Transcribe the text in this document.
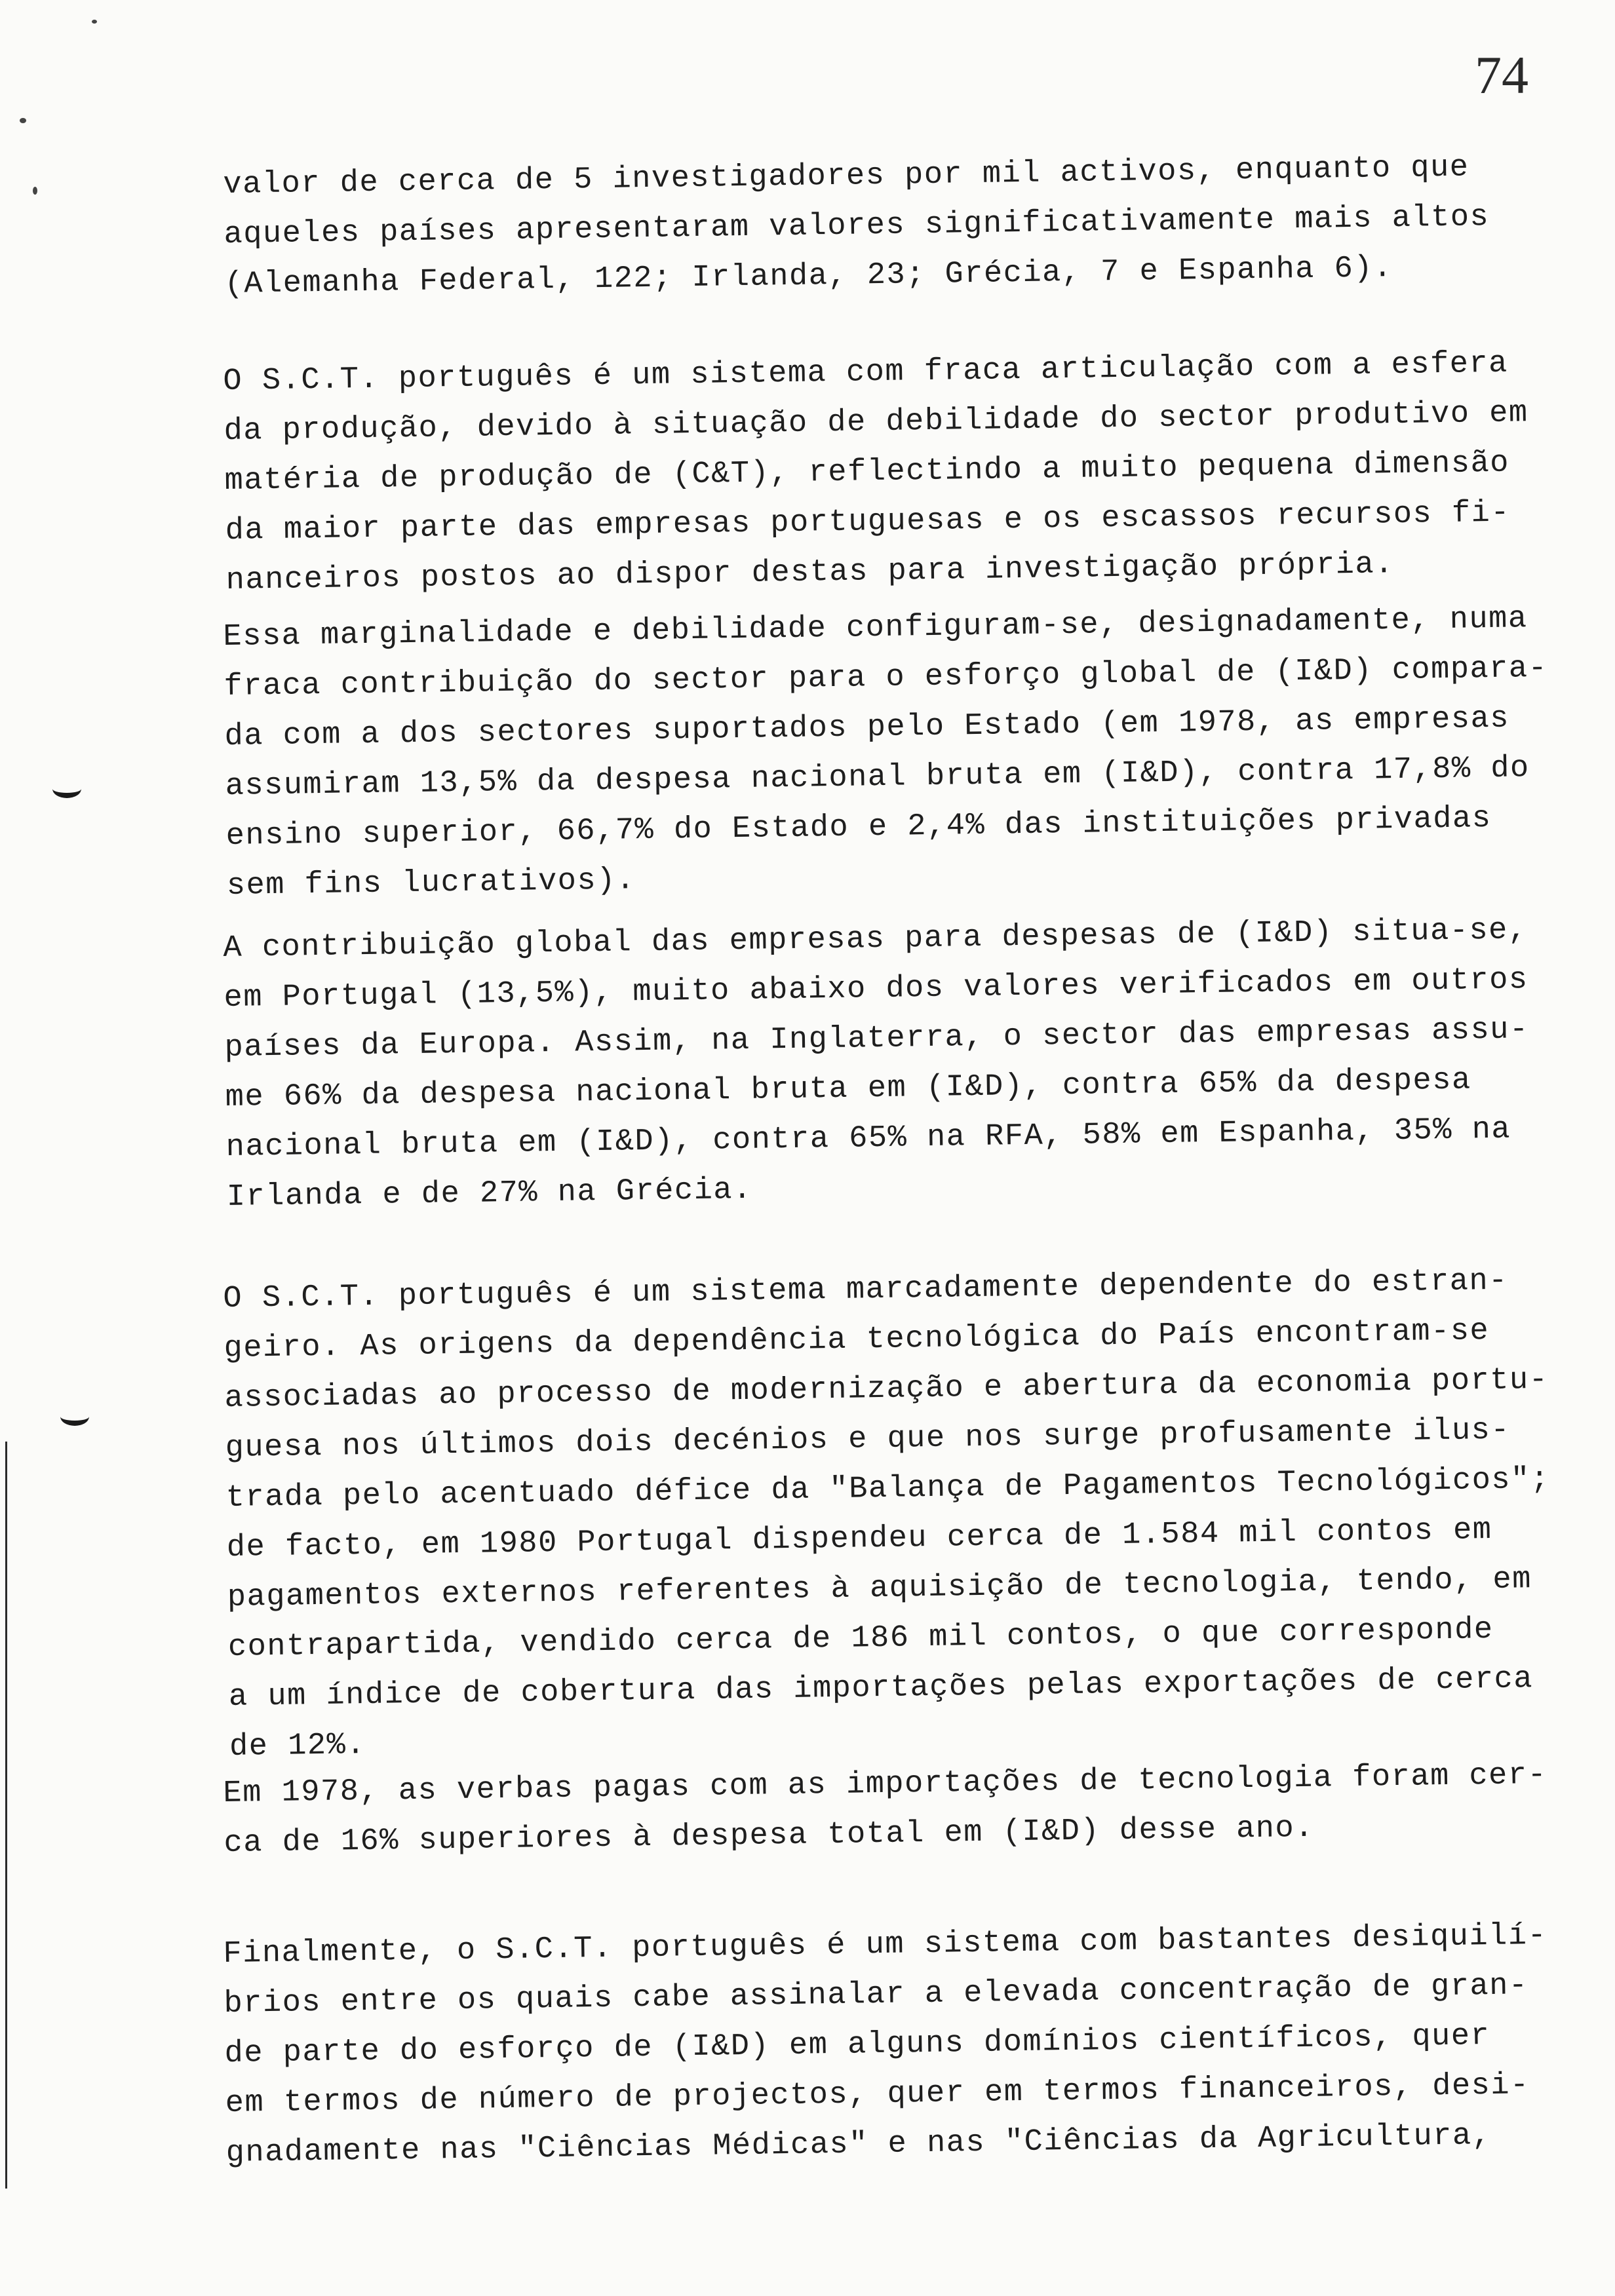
74
valor de cerca de 5 investigadores por mil activos, enquanto que
aqueles países apresentaram valores significativamente mais altos
(Alemanha Federal, 122; Irlanda, 23; Grécia, 7 e Espanha 6).
O S.C.T. português é um sistema com fraca articulação com a esfera
da produção, devido à situação de debilidade do sector produtivo em
matéria de produção de (C&T), reflectindo a muito pequena dimensão
da maior parte das empresas portuguesas e os escassos recursos fi-
nanceiros postos ao dispor destas para investigação própria.
Essa marginalidade e debilidade configuram-se, designadamente, numa
fraca contribuição do sector para o esforço global de (I&D) compara-
da com a dos sectores suportados pelo Estado (em 1978, as empresas
assumiram 13,5% da despesa nacional bruta em (I&D), contra 17,8% do
ensino superior, 66,7% do Estado e 2,4% das instituições privadas
sem fins lucrativos).
A contribuição global das empresas para despesas de (I&D) situa-se,
em Portugal (13,5%), muito abaixo dos valores verificados em outros
países da Europa. Assim, na Inglaterra, o sector das empresas assu-
me 66% da despesa nacional bruta em (I&D), contra 65% da despesa
nacional bruta em (I&D), contra 65% na RFA, 58% em Espanha, 35% na
Irlanda e de 27% na Grécia.
O S.C.T. português é um sistema marcadamente dependente do estran-
geiro. As origens da dependência tecnológica do País encontram-se
associadas ao processo de modernização e abertura da economia portu-
guesa nos últimos dois decénios e que nos surge profusamente ilus-
trada pelo acentuado défice da "Balança de Pagamentos Tecnológicos";
de facto, em 1980 Portugal dispendeu cerca de 1.584 mil contos em
pagamentos externos referentes à aquisição de tecnologia, tendo, em
contrapartida, vendido cerca de 186 mil contos, o que corresponde
a um índice de cobertura das importações pelas exportações de cerca
de 12%.
Em 1978, as verbas pagas com as importações de tecnologia foram cer-
ca de 16% superiores à despesa total em (I&D) desse ano.
Finalmente, o S.C.T. português é um sistema com bastantes desiquilí-
brios entre os quais cabe assinalar a elevada concentração de gran-
de parte do esforço de (I&D) em alguns domínios científicos, quer
em termos de número de projectos, quer em termos financeiros, desi-
gnadamente nas "Ciências Médicas" e nas "Ciências da Agricultura,
